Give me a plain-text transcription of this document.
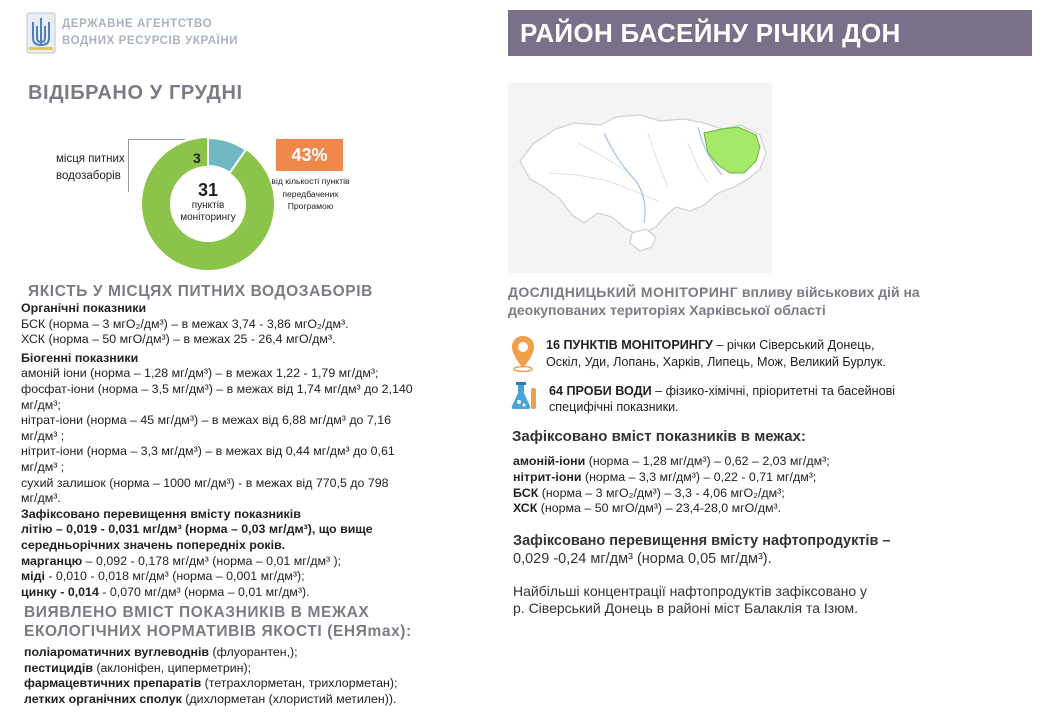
ДЕРЖАВНЕ АГЕНТСТВО
ВОДНИХ РЕСУРСІВ УКРАЇНИ	РАЙОН БАСЕЙНУ РІЧКИ ДОН
ВІДІБРАНО У ГРУДНІ
місця питних
водозаборів
3
31
пунктів
моніторингу
43%
від кількості пунктів
передбачених
Програмою
ЯКІСТЬ У МІСЦЯХ ПИТНИХ ВОДОЗАБОРІВ
Органічні показники
БСК (норма – 3 мгО₂/дм³) – в межах 3,74 - 3,86 мгО₂/дм³.
ХСК (норма – 50 мгО/дм³) – в межах 25 - 26,4 мгО/дм³.
Біогенні показники
амоній іони (норма – 1,28 мг/дм³) – в межах 1,22 - 1,79 мг/дм³;
фосфат-іони (норма – 3,5 мг/дм³) – в межах від 1,74 мг/дм³ до 2,140
мг/дм³;
нітрат-іони (норма – 45 мг/дм³) – в межах від 6,88 мг/дм³ до 7,16
мг/дм³ ;
нітрит-іони (норма – 3,3 мг/дм³) – в межах від 0,44 мг/дм³ до 0,61
мг/дм³ ;
сухий залишок (норма – 1000 мг/дм³) - в межах від 770,5 до 798
мг/дм³.
Зафіксовано перевищення вмісту показників
літію – 0,019 - 0,031 мг/дм³ (норма – 0,03 мг/дм³), що вище
середньорічних значень попередніх років.
марганцю – 0,092 - 0,178 мг/дм³ (норма – 0,01 мг/дм³ );
міді - 0,010 - 0,018 мг/дм³ (норма – 0,001 мг/дм³);
цинку - 0,014 - 0,070 мг/дм³ (норма – 0,01 мг/дм³).
ВИЯВЛЕНО ВМІСТ ПОКАЗНИКІВ В МЕЖАХ
ЕКОЛОГІЧНИХ НОРМАТИВІВ ЯКОСТІ (ЕНЯmax):
поліароматичних вуглеводнів (флуорантен,);
пестицидів (аклоніфен, циперметрин);
фармацевтичних препаратів (тетрахлорметан, трихлорметан);
летких органічних сполук (дихлорметан (хлористий метилен)).
ДОСЛІДНИЦЬКИЙ МОНІТОРИНГ впливу військових дій на
деокупованих територіях Харківської області
16 ПУНКТІВ МОНІТОРИНГУ – річки Сіверський Донець,
Оскіл, Уди, Лопань, Харків, Липець, Мож, Великий Бурлук.
64 ПРОБИ ВОДИ – фізико-хімічні, пріоритетні та басейнові
специфічні показники.
Зафіксовано вміст показників в межах:
амоній-іони (норма – 1,28 мг/дм³) – 0,62 – 2,03 мг/дм³;
нітрит-іони (норма – 3,3 мг/дм³) – 0,22 - 0,71 мг/дм³;
БСК (норма – 3 мгО₂/дм³) – 3,3 - 4,06 мгО₂/дм³;
ХСК (норма – 50 мгО/дм³) – 23,4-28,0 мгО/дм³.
Зафіксовано перевищення вмісту нафтопродуктів –
0,029 -0,24 мг/дм³ (норма 0,05 мг/дм³).
Найбільші концентрації нафтопродуктів зафіксовано у
р. Сіверський Донець в районі міст Балаклія та Ізюм.
